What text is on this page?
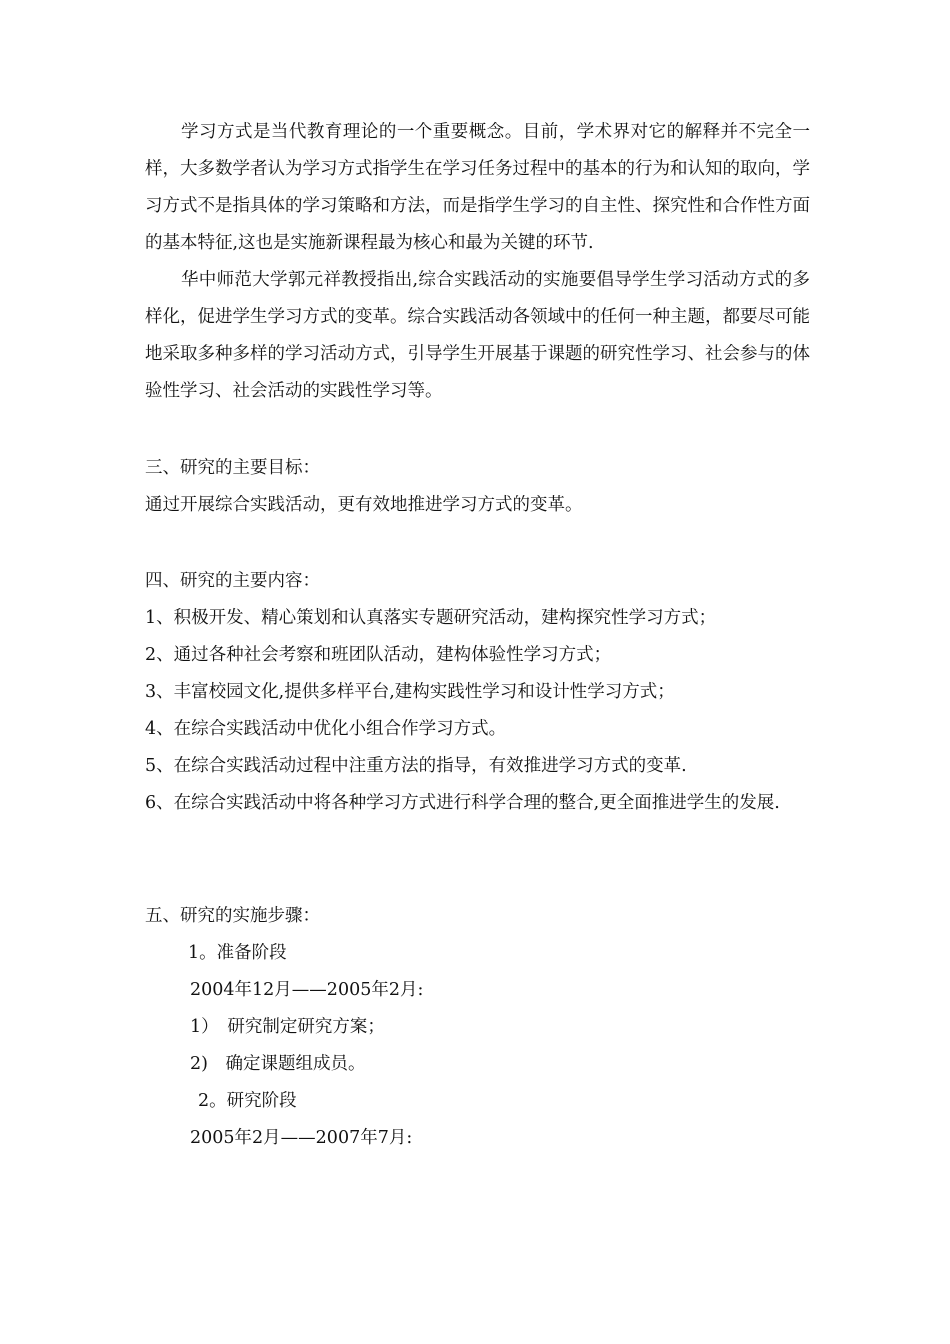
学习方式是当代教育理论的一个重要概念。目前，学术界对它的解释并不完全一样，大多数学者认为学习方式指学生在学习任务过程中的基本的行为和认知的取向，学习方式不是指具体的学习策略和方法，而是指学生学习的自主性、探究性和合作性方面的基本特征,这也是实施新课程最为核心和最为关键的环节.

华中师范大学郭元祥教授指出,综合实践活动的实施要倡导学生学习活动方式的多样化，促进学生学习方式的变革。综合实践活动各领域中的任何一种主题，都要尽可能地采取多种多样的学习活动方式，引导学生开展基于课题的研究性学习、社会参与的体验性学习、社会活动的实践性学习等。

三、研究的主要目标：

通过开展综合实践活动，更有效地推进学习方式的变革。

四、研究的主要内容：

1、积极开发、精心策划和认真落实专题研究活动，建构探究性学习方式；

2、通过各种社会考察和班团队活动，建构体验性学习方式；

3、丰富校园文化,提供多样平台,建构实践性学习和设计性学习方式；

4、在综合实践活动中优化小组合作学习方式。

5、在综合实践活动过程中注重方法的指导，有效推进学习方式的变革.

6、在综合实践活动中将各种学习方式进行科学合理的整合,更全面推进学生的发展.

五、研究的实施步骤：

1。准备阶段

2004年12月——2005年2月:

1）　研究制定研究方案；

2)　确定课题组成员。

2。研究阶段

2005年2月——2007年7月:
